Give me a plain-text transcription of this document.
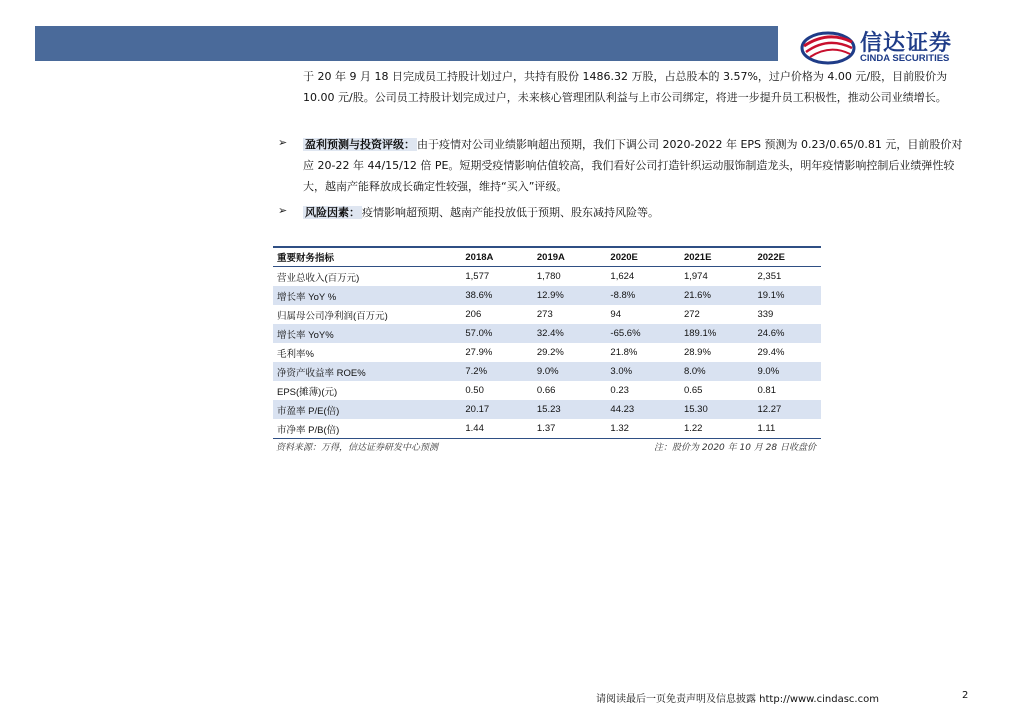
信达证券
CINDA SECURITIES
于 20 年 9 月 18 日完成员工持股计划过户，共持有股份 1486.32 万股，占总股本的 3.57%，过户价格为 4.00 元/股，目前股价为 10.00 元/股。公司员工持股计划完成过户，未来核心管理团队利益与上市公司绑定，将进一步提升员工积极性，推动公司业绩增长。
➢ 盈利预测与投资评级： 由于疫情对公司业绩影响超出预期，我们下调公司 2020-2022 年 EPS 预测为 0.23/0.65/0.81 元，目前股价对应 20-22 年 44/15/12 倍 PE。短期受疫情影响估值较高，我们看好公司打造针织运动服饰制造龙头，明年疫情影响控制后业绩弹性较大，越南产能释放成长确定性较强，维持“买入”评级。
➢ 风险因素： 疫情影响超预期、越南产能投放低于预期、股东减持风险等。
重要财务指标	2018A	2019A	2020E	2021E	2022E
营业总收入(百万元)	1,577	1,780	1,624	1,974	2,351
增长率 YoY %	38.6%	12.9%	-8.8%	21.6%	19.1%
归属母公司净利润(百万元)	206	273	94	272	339
增长率 YoY%	57.0%	32.4%	-65.6%	189.1%	24.6%
毛利率%	27.9%	29.2%	21.8%	28.9%	29.4%
净资产收益率 ROE%	7.2%	9.0%	3.0%	8.0%	9.0%
EPS(摊薄)(元)	0.50	0.66	0.23	0.65	0.81
市盈率 P/E(倍)	20.17	15.23	44.23	15.30	12.27
市净率 P/B(倍)	1.44	1.37	1.32	1.22	1.11
资料来源：万得，信达证券研发中心预测	注：股价为 2020 年 10 月 28 日收盘价
请阅读最后一页免责声明及信息披露 http://www.cindasc.com	2
